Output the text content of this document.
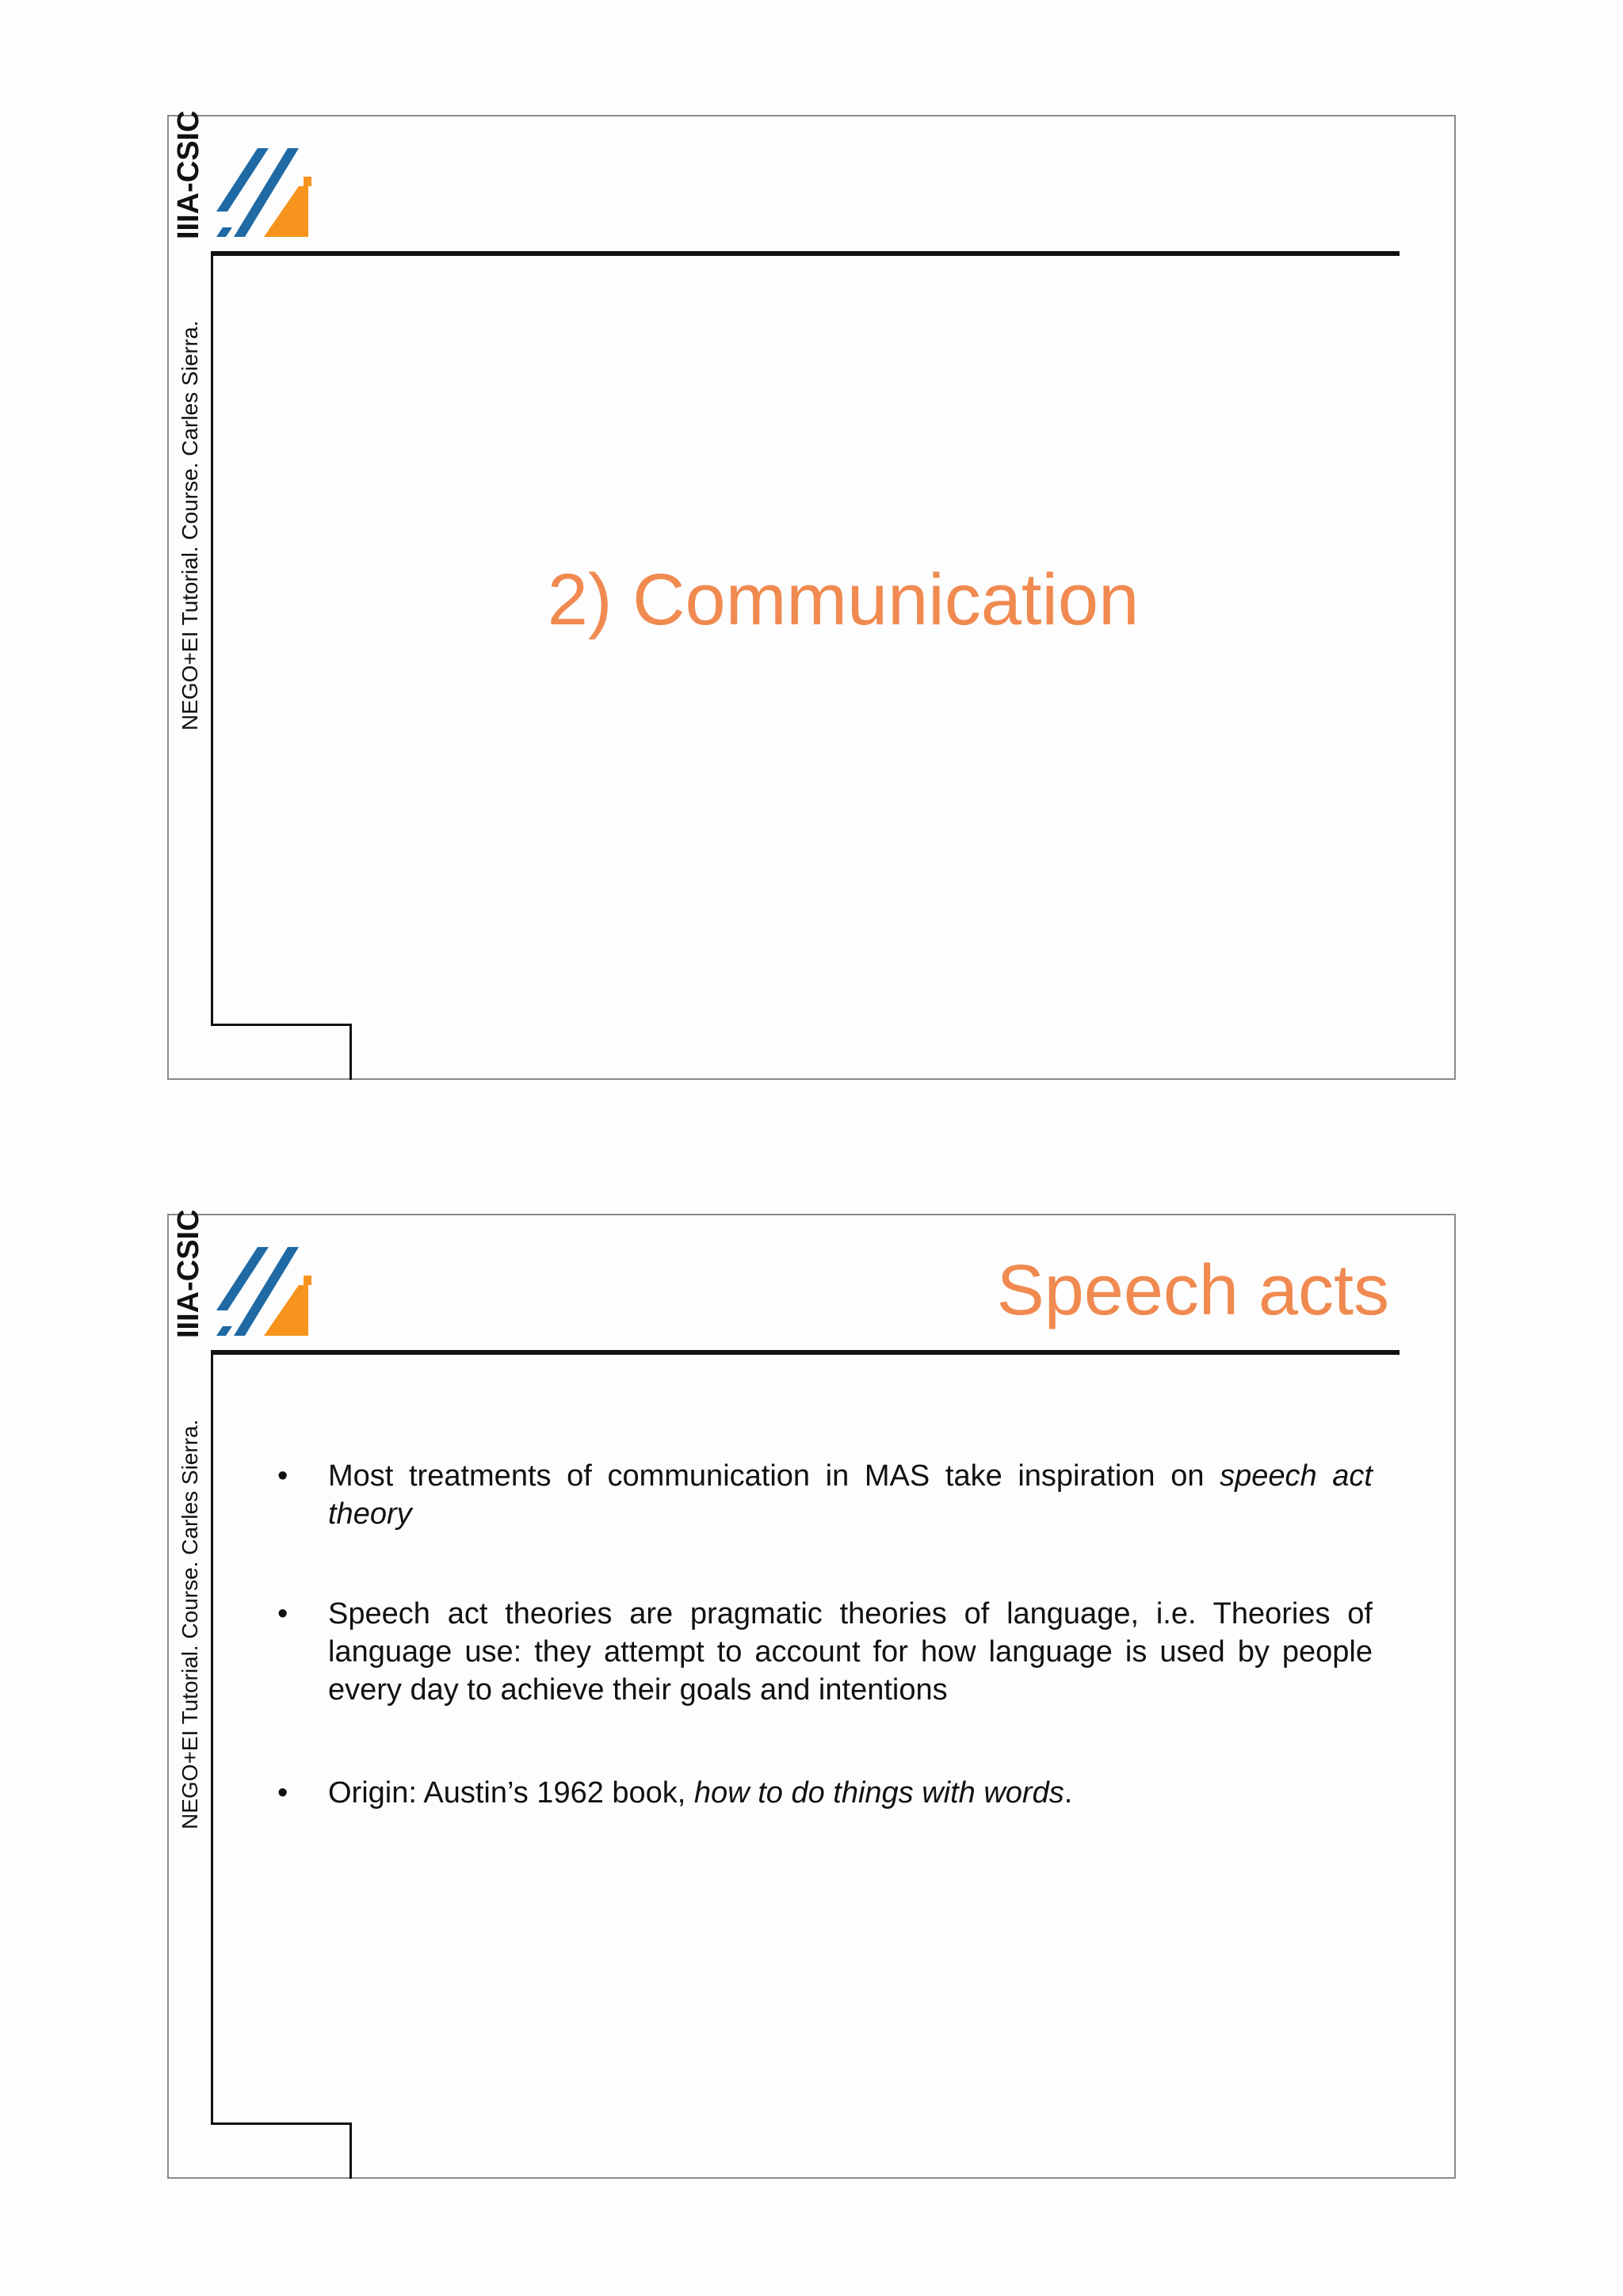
IIIA-CSIC
NEGO+EI Tutorial. Course. Carles Sierra.	2) Communication
IIIA-CSIC
NEGO+EI Tutorial. Course. Carles Sierra.
Speech acts
•	Most treatments of communication in MAS take inspiration on speech act theory
•	Speech act theories are pragmatic theories of language, i.e. Theories of language use: they attempt to account for how language is used by people every day to achieve their goals and intentions
•	Origin: Austin’s 1962 book, how to do things with words.
